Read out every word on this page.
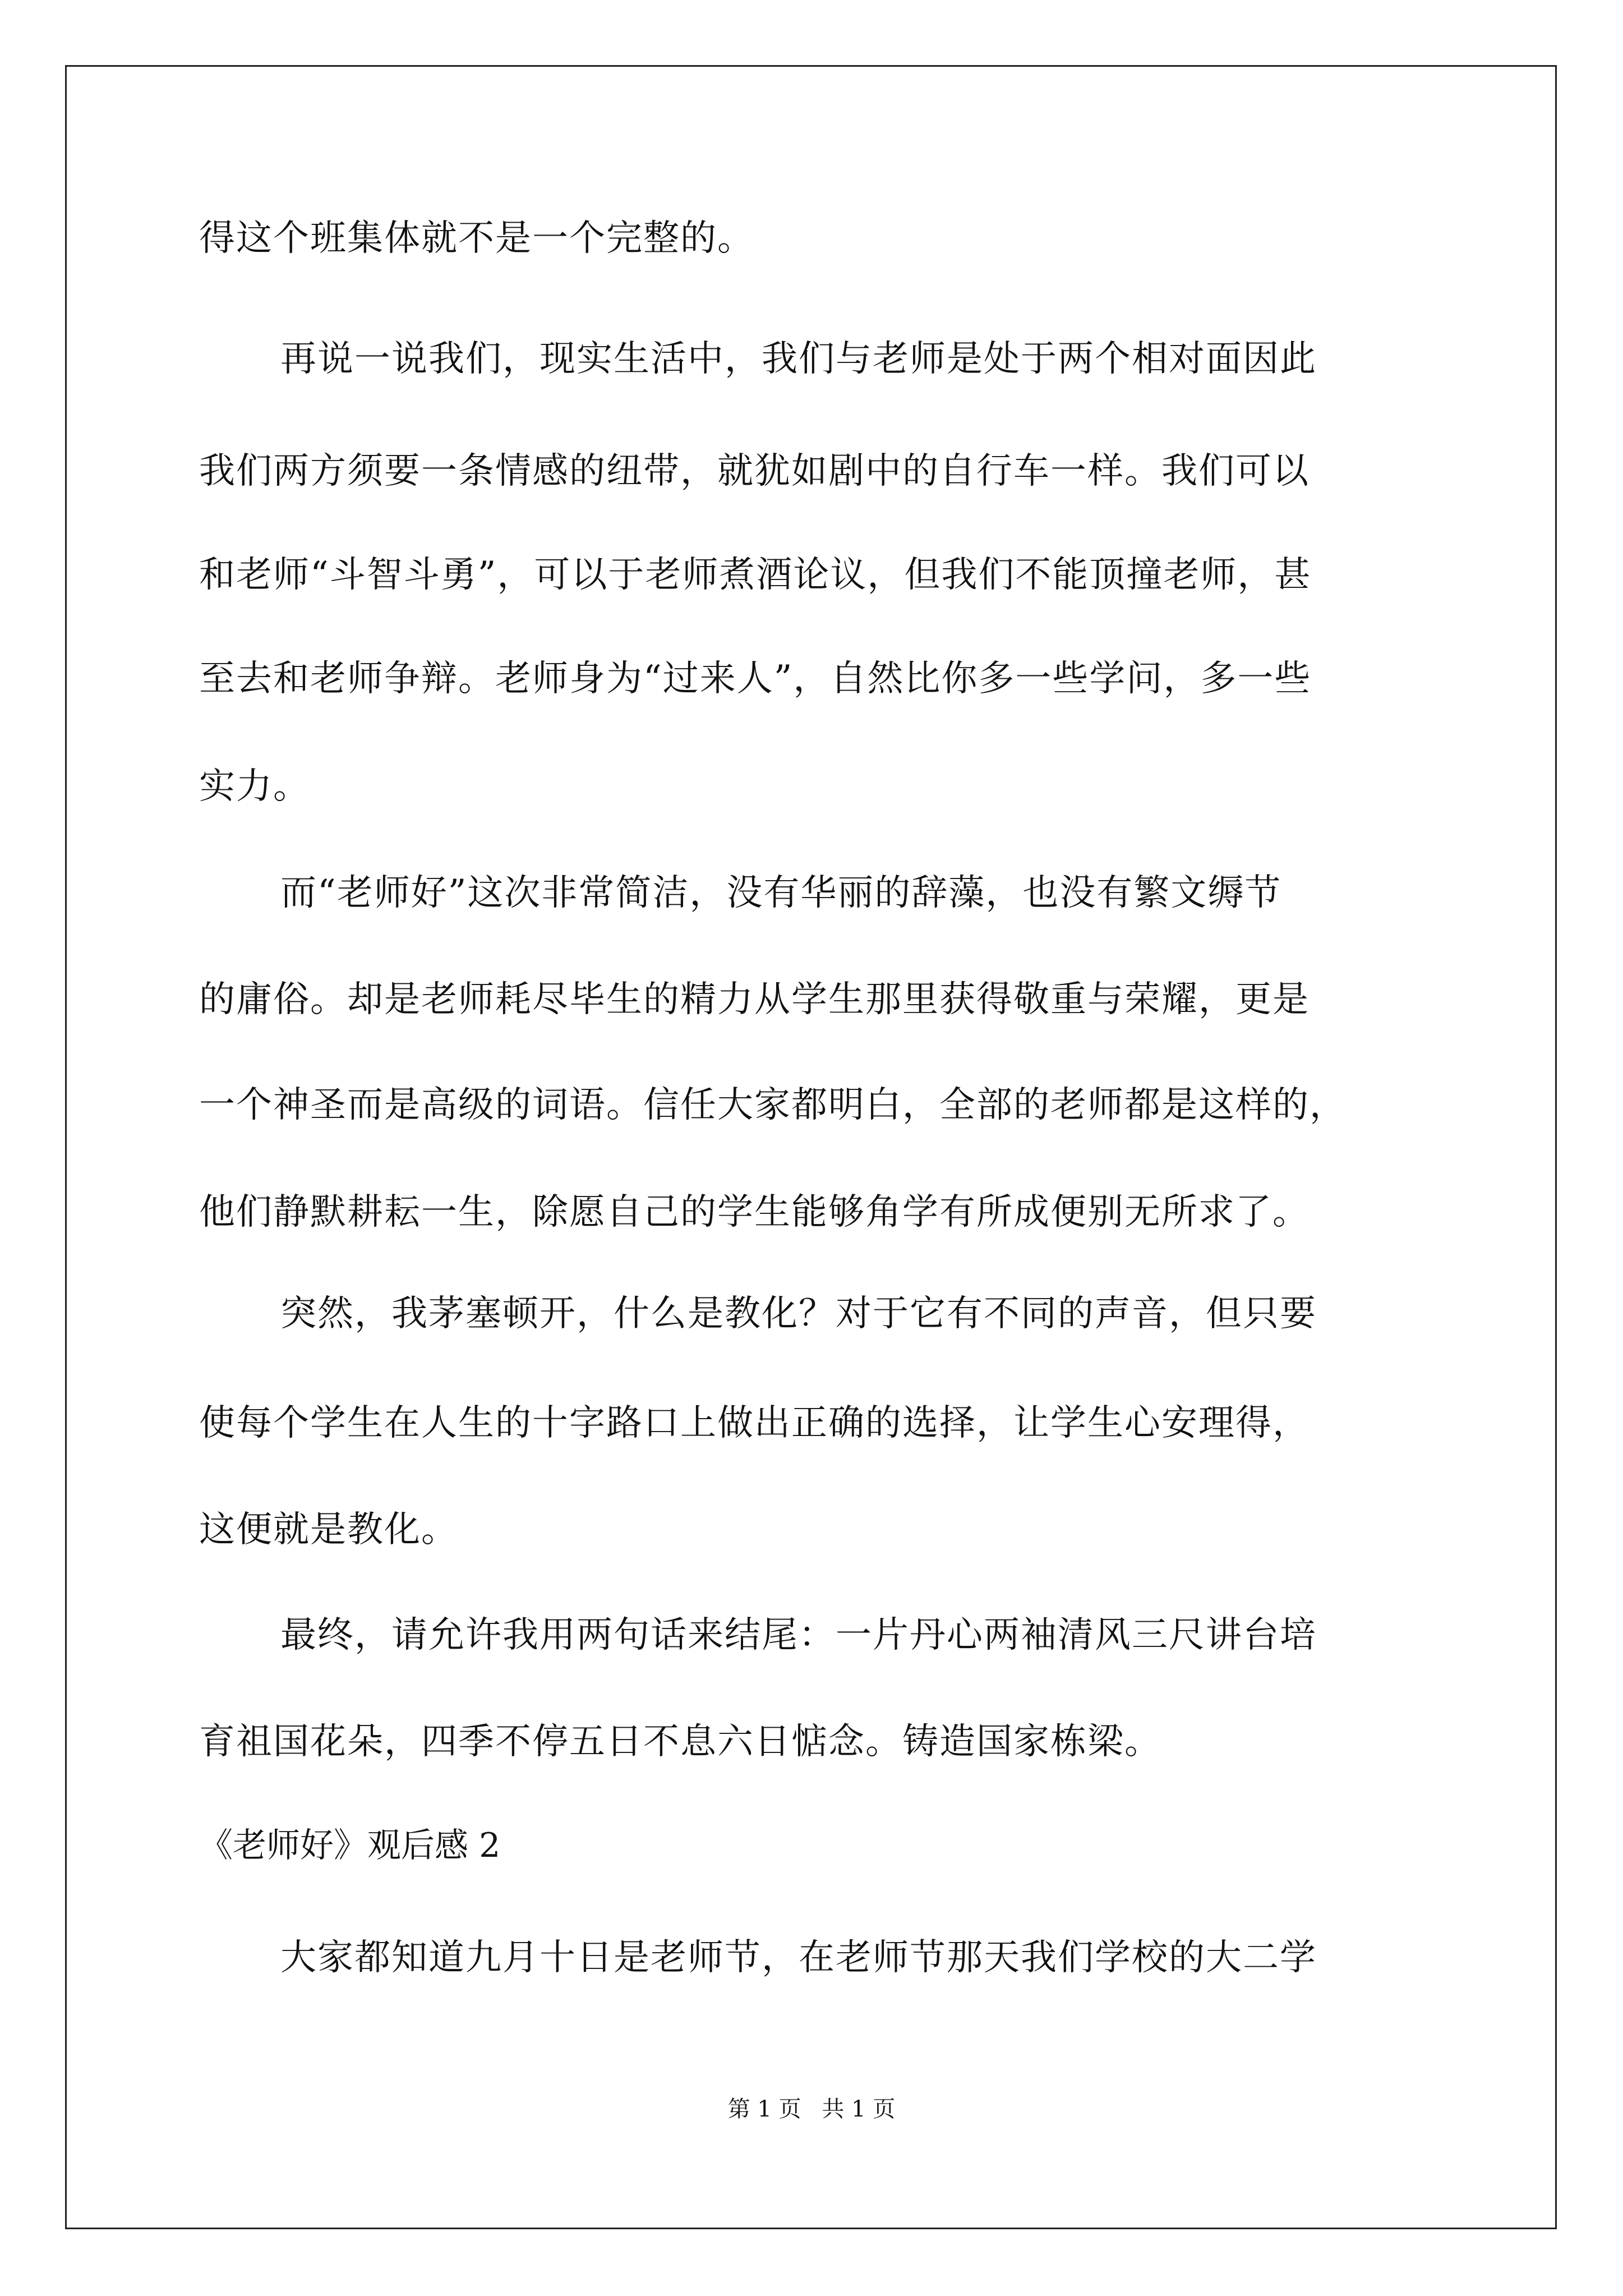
得这个班集体就不是一个完整的。
再说一说我们，现实生活中，我们与老师是处于两个相对面因此
我们两方须要一条情感的纽带，就犹如剧中的自行车一样。我们可以
和老师“斗智斗勇”，可以于老师煮酒论议，但我们不能顶撞老师，甚
至去和老师争辩。老师身为“过来人”，自然比你多一些学问，多一些
实力。
而“老师好”这次非常简洁，没有华丽的辞藻，也没有繁文缛节
的庸俗。却是老师耗尽毕生的精力从学生那里获得敬重与荣耀，更是
一个神圣而是高级的词语。信任大家都明白，全部的老师都是这样的，
他们静默耕耘一生，除愿自己的学生能够角学有所成便别无所求了。
突然，我茅塞顿开，什么是教化？对于它有不同的声音，但只要
使每个学生在人生的十字路口上做出正确的选择，让学生心安理得，
这便就是教化。
最终，请允许我用两句话来结尾：一片丹心两袖清风三尺讲台培
育祖国花朵，四季不停五日不息六日惦念。铸造国家栋梁。
《老师好》观后感 2
大家都知道九月十日是老师节，在老师节那天我们学校的大二学
第 1 页 共 1 页
